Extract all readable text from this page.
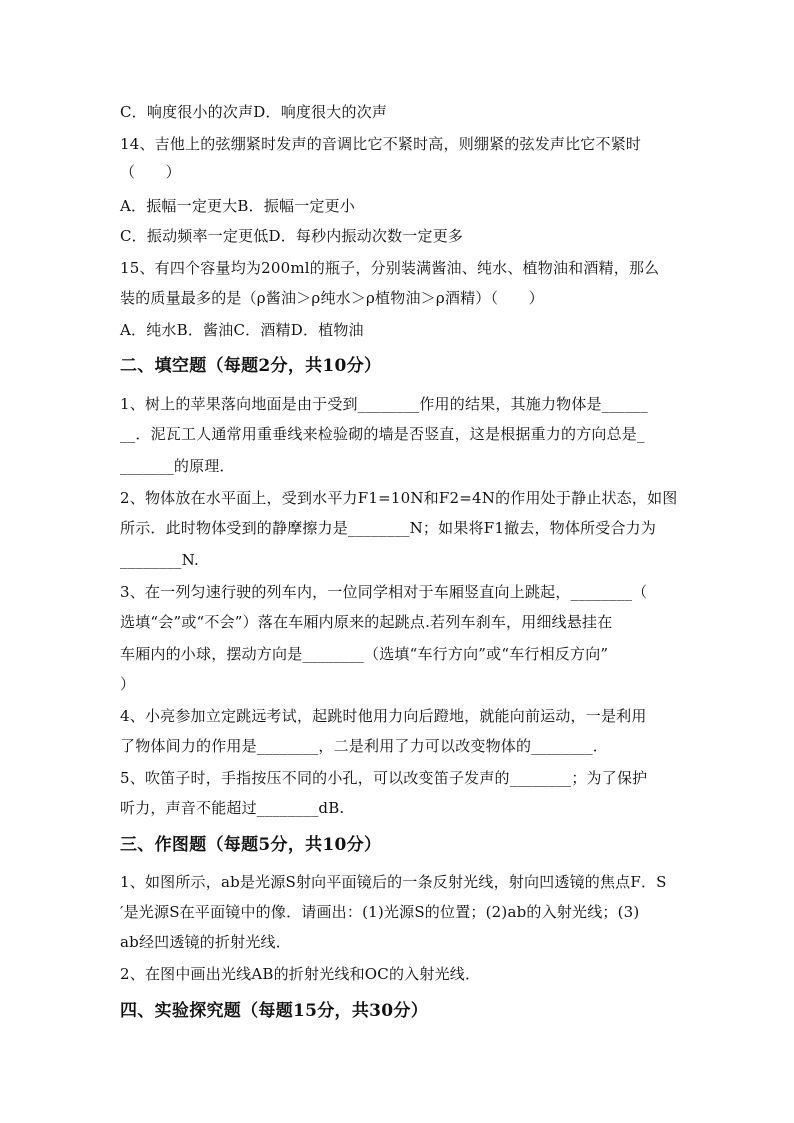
C．响度很小的次声D．响度很大的次声
14、吉他上的弦绷紧时发声的音调比它不紧时高，则绷紧的弦发声比它不紧时
（　　）
A．振幅一定更大B．振幅一定更小
C．振动频率一定更低D．每秒内振动次数一定更多
15、有四个容量均为200ml的瓶子，分别装满酱油、纯水、植物油和酒精，那么
装的质量最多的是（ρ酱油＞ρ纯水＞ρ植物油＞ρ酒精）（　　）
A．纯水B．酱油C．酒精D．植物油
二、填空题（每题2分，共10分）
1、树上的苹果落向地面是由于受到________作用的结果，其施力物体是______
__．泥瓦工人通常用重垂线来检验砌的墙是否竖直，这是根据重力的方向总是_
_______的原理．
2、物体放在水平面上，受到水平力F1=10N和F2=4N的作用处于静止状态，如图
所示．此时物体受到的静摩擦力是________N；如果将F1撤去，物体所受合力为
________N.
3、在一列匀速行驶的列车内，一位同学相对于车厢竖直向上跳起，________（
选填“会”或“不会”）落在车厢内原来的起跳点.若列车刹车，用细线悬挂在
车厢内的小球，摆动方向是________（选填“车行方向”或“车行相反方向”
）
4、小亮参加立定跳远考试，起跳时他用力向后蹬地，就能向前运动，一是利用
了物体间力的作用是________，二是利用了力可以改变物体的________．
5、吹笛子时，手指按压不同的小孔，可以改变笛子发声的________；为了保护
听力，声音不能超过________dB.
三、作图题（每题5分，共10分）
1、如图所示，ab是光源S射向平面镜后的一条反射光线，射向凹透镜的焦点F．S
′是光源S在平面镜中的像．请画出：(1)光源S的位置；(2)ab的入射光线；(3)
ab经凹透镜的折射光线．
2、在图中画出光线AB的折射光线和OC的入射光线．
四、实验探究题（每题15分，共30分）
